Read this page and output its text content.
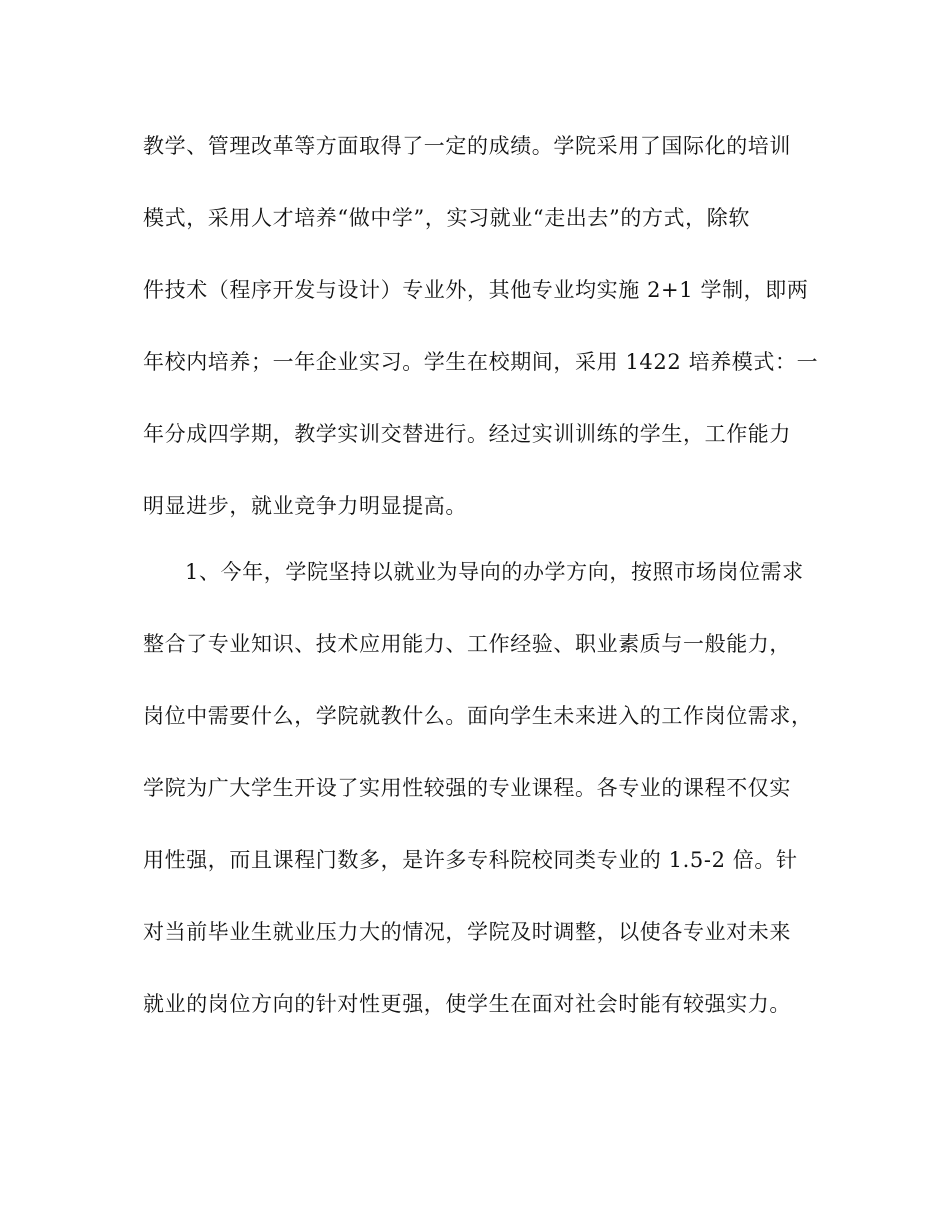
教学、管理改革等方面取得了一定的成绩。学院采用了国际化的培训
模式，采用人才培养“做中学”，实习就业“走出去”的方式，除软
件技术（程序开发与设计）专业外，其他专业均实施 2+1 学制，即两
年校内培养；一年企业实习。学生在校期间，采用 1422 培养模式：一
年分成四学期，教学实训交替进行。经过实训训练的学生，工作能力
明显进步，就业竞争力明显提高。
1、今年，学院坚持以就业为导向的办学方向，按照市场岗位需求
整合了专业知识、技术应用能力、工作经验、职业素质与一般能力，
岗位中需要什么，学院就教什么。面向学生未来进入的工作岗位需求，
学院为广大学生开设了实用性较强的专业课程。各专业的课程不仅实
用性强，而且课程门数多，是许多专科院校同类专业的 1.5-2 倍。针
对当前毕业生就业压力大的情况，学院及时调整，以使各专业对未来
就业的岗位方向的针对性更强，使学生在面对社会时能有较强实力。
